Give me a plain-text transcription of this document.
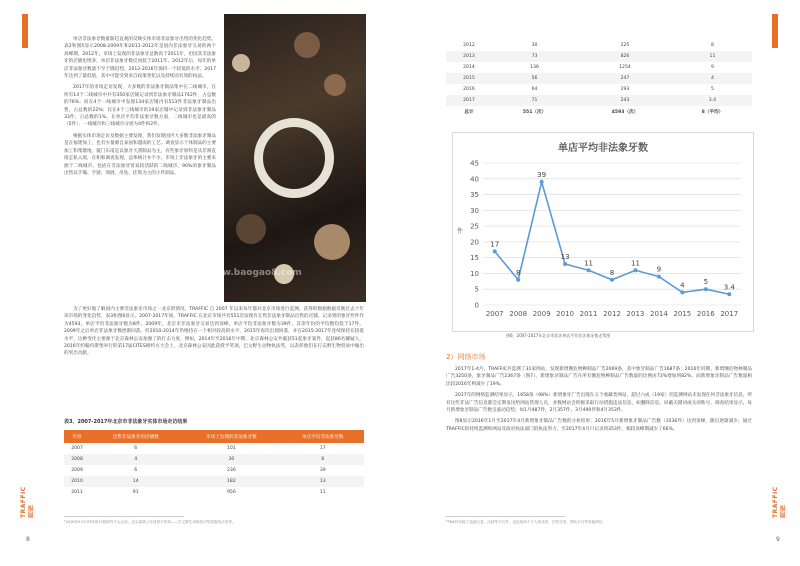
TRAFFIC 简报

单店非法象牙数量渐趋直观的反映实体市场非法象牙出售的变化趋势。表2和图5显示2008-2009年和2011-2012年是国内非法象牙交易的两个高峰期，2012年，市场上发现的非法象牙总数高于2011年，但因其非法象牙的店铺也增多，单店非法象牙数反而低于2011年。2012年后，每年的单店非法象牙数量不至于降趋势，2012-2016年保持一个较低的水平，2017年达到了最低值，其中可能受到来自政策变化以及持续而有效的执法。

2017年的市场走访发现，大多数的非法象牙制品集中在二线城市，在所有14个二线城市中共有350家店铺记录到非法象牙制品1742件，占总数的76%；而在4个一线城市中发现134家店铺内有513件非法象牙制品出售，占总数的22%；仅在4个三线城市的19家店铺中记录到非法象牙制品33件，占总数的1%。在单店平均非法象牙数方面，二线城市也是最高的（5件），一线城市和三线城市分别为4件和2件。

根据实体市场走访及数据主要发现，我们发现国内大多数非法象牙制品是在福建加工，也有少量源自泰国和越南的工艺。调查显示个体制品的主要加工和集散地，厦门东南是以象牙天骄制品为主，有些象牙原料是从非洲直接走私入境，在和和调查发现，总体统计并不少，市场上非法象牙的主要来源于二线城市，包括在非法象牙贸易较活跃的二线城市，90%的象牙制品出售以手镯、手链、项链、吊坠、挂饰为主的小件制品。

www.baogao8.com

为了更好地了解国内主要非法象牙市场之一北京的情况，TRAFFIC 自 2007 年以来每年都对北京市场进行监测，获得的数据数据反映过去十年该市场的变化趋势，表3和图6显示，2007-2017年间，TRAFFIC 在北京市场共有551次发现有在售非法象牙制品出售的店铺，记录到的象牙件件作为4593，单店平均非法象牙数为8件。2009年，北京市非法象牙交易达到顶峰，单店平均非法象牙数为39件，其余年份的平均数均低于17件，2009年之后单店非法象牙数逐渐回落，但2010-2014年仍维持在一个相对较高的水平，2015年再次出现回落，并在2015-2017年连续保持在较低水平，这种变化主要源于北京森林公安加强了的打击力度，例如，2014年至2016年中期，北京森林公安共破获51起象牙案件，起获86名嫌疑人，2016年约翰内斯堡举行的第17届CITES缔约方大会上，北京森林公安因此获授予奖项，巴文野生动物执法奖，以表彰他们在打击野生物贸易中做出的突出贡献。

表3、2007-2017年北京市非法象牙实体市场走访结果
年份	出售非法象牙的店铺数	市场上发现的非法象牙数	单店平均非法象牙数
2007	6	101	17
2008	4	30	8
2009	6	236	39
2010	14	182	13
2011	91	956	11
²2016年9月CITES第17届缔约方大会前，北京森林公安获授予奖项——巴文野生动物执法奖积极执法荣誉。
8
TRAFFIC 简报
2012	30	225	8
2013	73	826	11
2014	136	1254	9
2015	56	247	4
2016	64	293	5
2017	71	243	3.4
总计	551（次）	4593（次）	8（平均）
单店平均非法象牙数
件
0
5
10
15
20
25
30
35
40
45
2007 2008 2009 2010 2011 2012 2013 2014 2015 2016 2017
17
8
39
13
11
8
11
9
4	5
3.4
图6、2007-2017年北京市非法单店平均非法象牙数走势图
2）网络市场

2017年1-4月，TRAFFIC共监测了31家网站，发现新增濒危物种制品广告2069条，其中象牙制品广告1687条；2016年同期，新增濒危物种制品广告3250条，象牙制品广告2367条（图7）。新增象牙制品广告在所有濒危物种制品广告数量的比例由73%增加到82%，而新增象牙制品广告数量相比较2016年则减少了19%。

2017年的网络监测结果显示，1658条（98%）新增象牙广告出现在五个收藏类网站，超过六成（19家）的监测网站未发现任何非法象牙信息，所有这些非法广告信息都会定期发送给网站管理人员，多数网站会积极采取行动措施违法信息，如删除信息，屏蔽关键词或关闭账号，调查结果显示，每月新增象牙制品广告数呈波动趋势，如1月487件，2月357件，3月490件和4月353件。

图8显示2016年1月至2017年4月新增象牙制品广告数的分析结果：2016年5月新增象牙制品广告数（1036件）达到顶峰，随后逐渐减少，通过TRAFFIC的持续监测和网站及政府执法部门的执法努力，至2017年4月只记录到353件，相较顶峰期减少了66%。

³TRAFFIC除了监测大量、活跃等平台外，也包括两个个人拍卖类、旧货交易、网站平台等其他网站。
9
